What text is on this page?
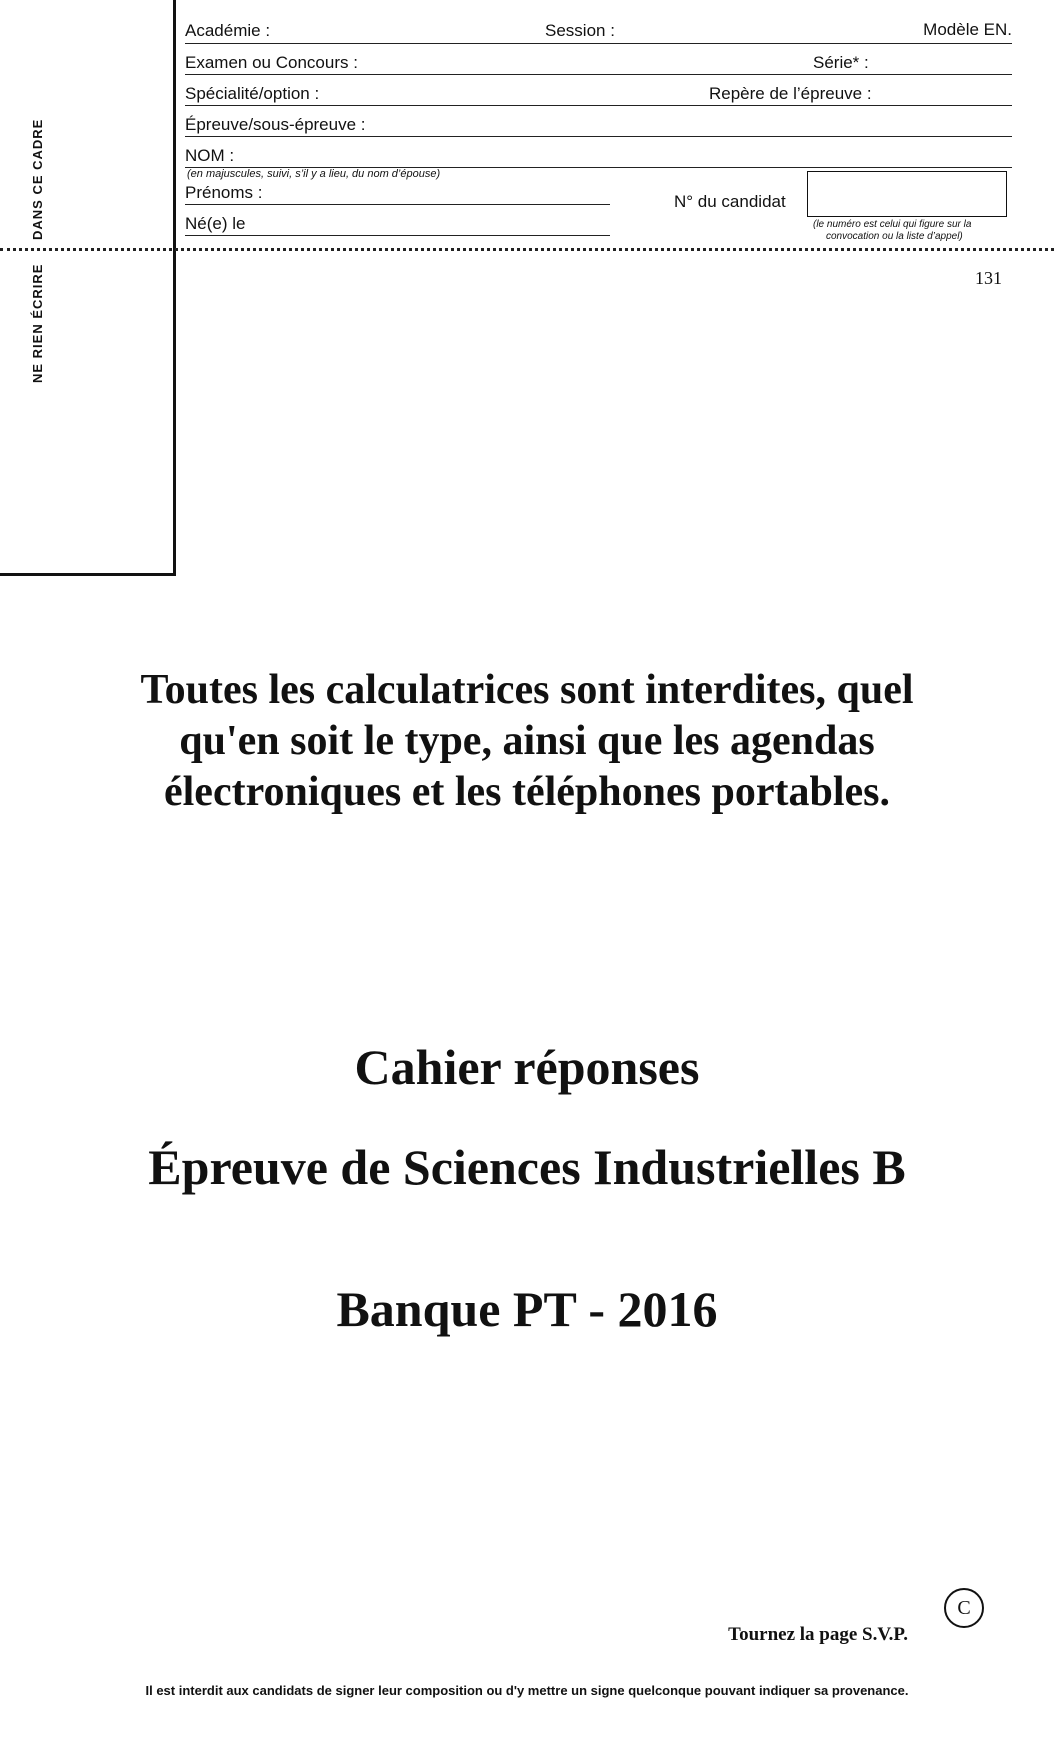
DANS CE CADRE
NE RIEN ÉCRIRE
Académie :	Session :	Modèle EN.
Examen ou Concours :	Série* :
Spécialité/option :	Repère de l’épreuve :
Épreuve/sous-épreuve :
NOM :
(en majuscules, suivi, s’il y a lieu, du nom d’épouse)
Prénoms :
Né(e) le
N° du candidat
(le numéro est celui qui figure sur la
convocation ou la liste d’appel)
131
Toutes les calculatrices sont interdites, quel
qu'en soit le type, ainsi que les agendas
électroniques et les téléphones portables.
Cahier réponses
Épreuve de Sciences Industrielles B
Banque PT - 2016
C
Tournez la page S.V.P.
Il est interdit aux candidats de signer leur composition ou d'y mettre un signe quelconque pouvant indiquer sa provenance.
